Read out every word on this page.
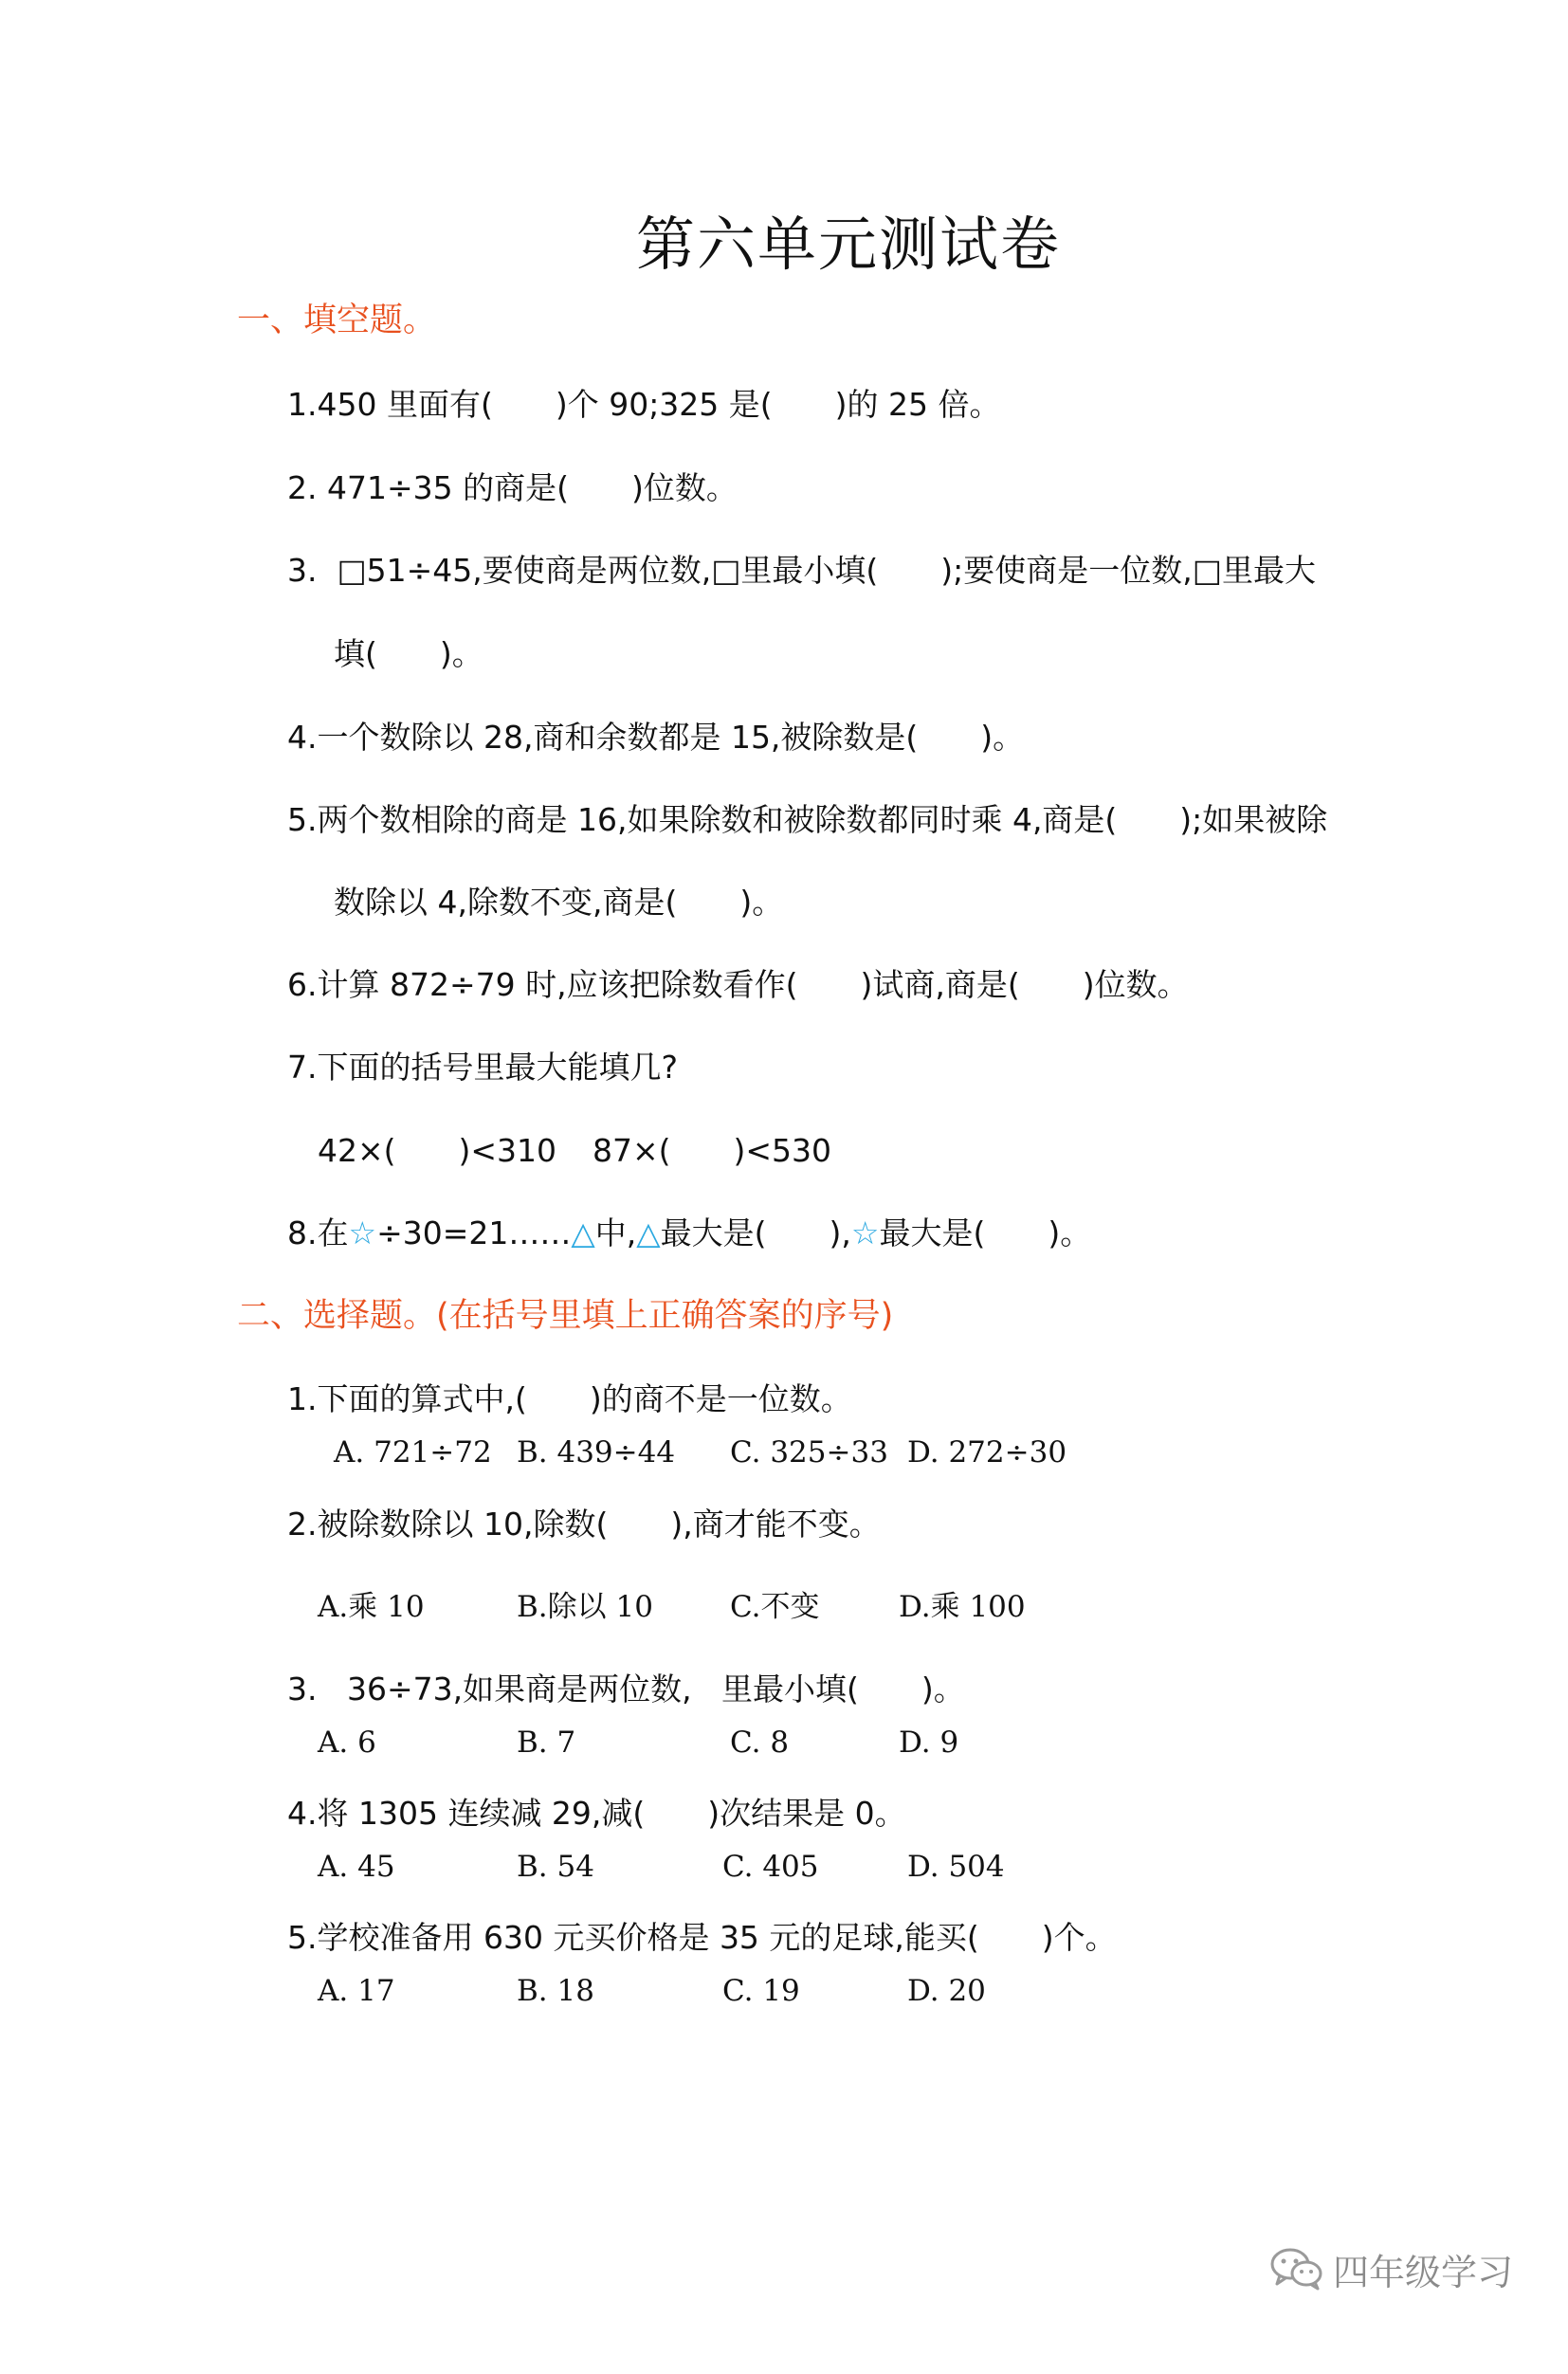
第六单元测试卷
一、填空题。
1.450 里面有(　　)个 90;325 是(　　)的 25 倍。
2. 471÷35 的商是(　　)位数。
3.  □51÷45,要使商是两位数,□里最小填(　　);要使商是一位数,□里最大
填(　　)。
4.一个数除以 28,商和余数都是 15,被除数是(　　)。
5.两个数相除的商是 16,如果除数和被除数都同时乘 4,商是(　　);如果被除
数除以 4,除数不变,商是(　　)。
6.计算 872÷79 时,应该把除数看作(　　)试商,商是(　　)位数。
7.下面的括号里最大能填几?
42×(　　)<310 87×(　　)<530
8.在☆÷30=21……△中,△最大是(　　),☆最大是(　　)。
二、选择题。(在括号里填上正确答案的序号)
1.下面的算式中,(　　)的商不是一位数。
A. 721÷72 B. 439÷44 C. 325÷33 D. 272÷30
2.被除数除以 10,除数(　　),商才能不变。
A.乘 10	B.除以 10	C.不变	D.乘 100
3.   36÷73,如果商是两位数,   里最小填(　　)。
A. 6	B. 7	C. 8	D. 9
4.将 1305 连续减 29,减(　　)次结果是 0。
A. 45	B. 54	C. 405	D. 504
5.学校准备用 630 元买价格是 35 元的足球,能买(　　)个。
A. 17	B. 18	C. 19	D. 20

四年级学习
